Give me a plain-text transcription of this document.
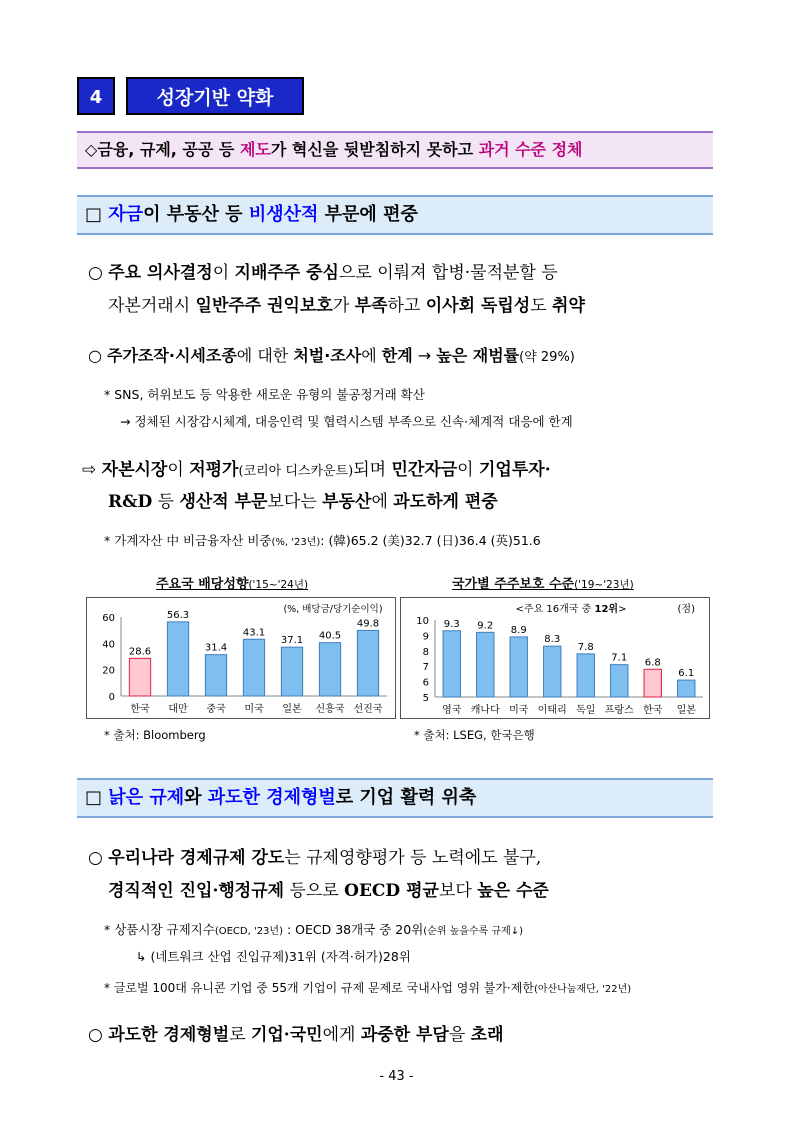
4	성장기반 약화
◇금융, 규제, 공공 등 제도가 혁신을 뒷받침하지 못하고 과거 수준 정체
□ 자금이 부동산 등 비생산적 부문에 편중
○ 주요 의사결정이 지배주주 중심으로 이뤄져 합병·물적분할 등
자본거래시 일반주주 권익보호가 부족하고 이사회 독립성도 취약
○ 주가조작·시세조종에 대한 처벌·조사에 한계 → 높은 재범률(약 29%)
* SNS, 허위보도 등 악용한 새로운 유형의 불공정거래 확산
→ 정체된 시장감시체계, 대응인력 및 협력시스템 부족으로 신속·체계적 대응에 한계
⇨ 자본시장이 저평가(코리아 디스카운트)되며 민간자금이 기업투자·
R&D 등 생산적 부문보다는 부동산에 과도하게 편중
* 가계자산 中 비금융자산 비중(%, '23년): (韓)65.2 (美)32.7 (日)36.4 (英)51.6
주요국 배당성향('15~'24년)	국가별 주주보호 수준('19~'23년)
0
20
40
60
28.6
한국
56.3
대만
31.4
중국
43.1
미국
37.1
일본
40.5
신흥국
49.8
선진국
(%, 배당금/당기순이익)
5
6
7
8
9
10 9.3
영국
9.2
캐나다
8.9
미국
8.3
이태리
7.8
독일
7.1
프랑스
6.8
한국
6.1
일본
<주요 16개국 중 12위>	(점)
* 출처: Bloomberg	* 출처: LSEG, 한국은행
□ 낡은 규제와 과도한 경제형벌로 기업 활력 위축
○ 우리나라 경제규제 강도는 규제영향평가 등 노력에도 불구,
경직적인 진입·행정규제 등으로 OECD 평균보다 높은 수준
* 상품시장 규제지수(OECD, '23년) : OECD 38개국 중 20위(순위 높을수록 규제↓)
↳ (네트워크 산업 진입규제)31위 (자격·허가)28위
* 글로벌 100대 유니콘 기업 중 55개 기업이 규제 문제로 국내사업 영위 불가·제한(아산나눔재단, '22년)
○ 과도한 경제형벌로 기업·국민에게 과중한 부담을 초래
- 43 -
